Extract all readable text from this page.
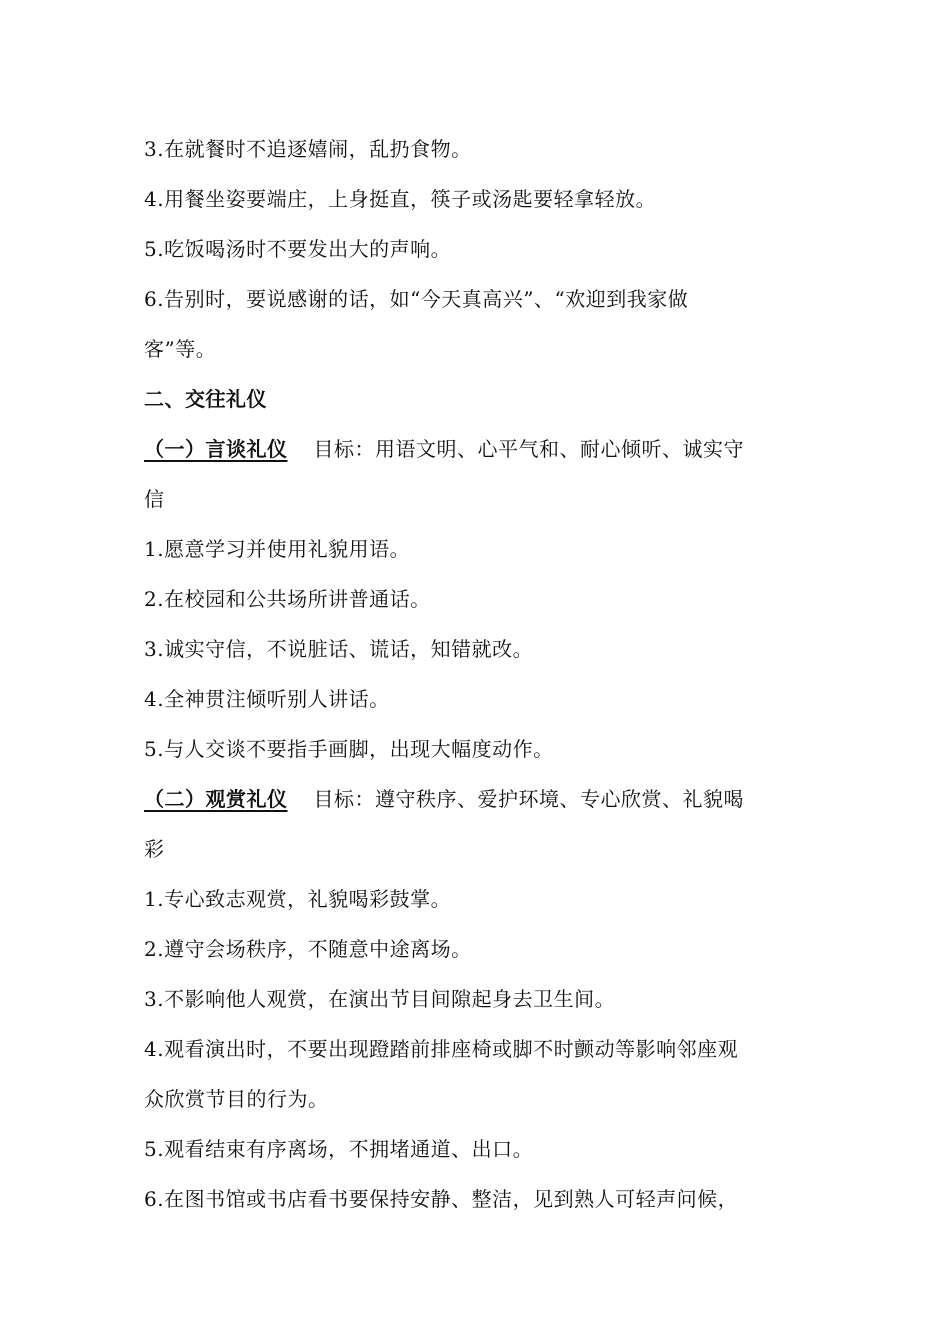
3.在就餐时不追逐嬉闹，乱扔食物。
4.用餐坐姿要端庄，上身挺直，筷子或汤匙要轻拿轻放。
5.吃饭喝汤时不要发出大的声响。
6.告别时，要说感谢的话，如“今天真高兴”、“欢迎到我家做
客”等。
二、交往礼仪
（一）言谈礼仪 目标：用语文明、心平气和、耐心倾听、诚实守
信
1.愿意学习并使用礼貌用语。
2.在校园和公共场所讲普通话。
3.诚实守信，不说脏话、谎话，知错就改。
4.全神贯注倾听别人讲话。
5.与人交谈不要指手画脚，出现大幅度动作。
（二）观赏礼仪 目标：遵守秩序、爱护环境、专心欣赏、礼貌喝
彩
1.专心致志观赏，礼貌喝彩鼓掌。
2.遵守会场秩序，不随意中途离场。
3.不影响他人观赏，在演出节目间隙起身去卫生间。
4.观看演出时，不要出现蹬踏前排座椅或脚不时颤动等影响邻座观
众欣赏节目的行为。
5.观看结束有序离场，不拥堵通道、出口。
6.在图书馆或书店看书要保持安静、整洁，见到熟人可轻声问候，
